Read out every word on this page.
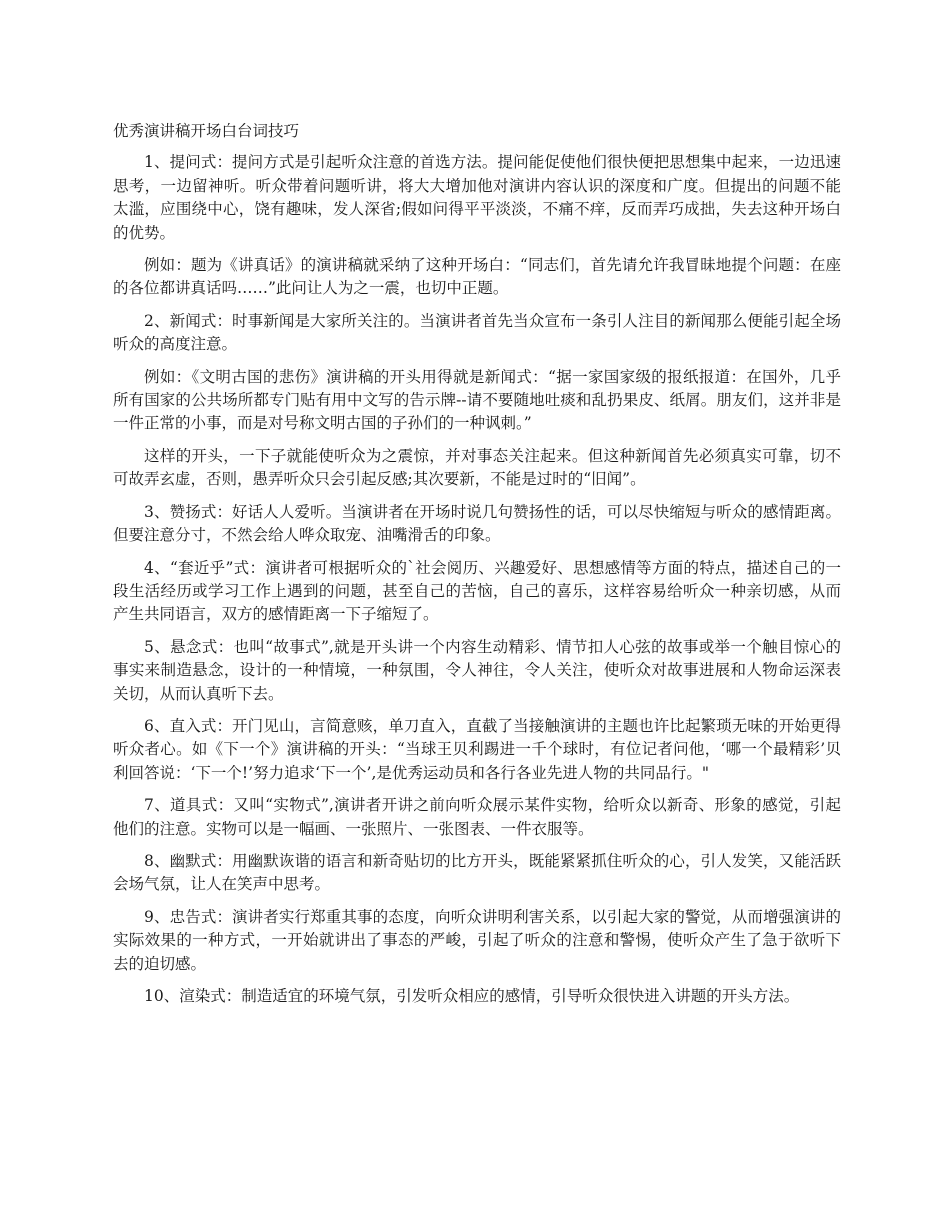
优秀演讲稿开场白台词技巧

1、提问式：提问方式是引起听众注意的首选方法。提问能促使他们很快便把思想集中起来，一边迅速思考，一边留神听。听众带着问题听讲，将大大增加他对演讲内容认识的深度和广度。但提出的问题不能太滥，应围绕中心，饶有趣味，发人深省;假如问得平平淡淡，不痛不痒，反而弄巧成拙，失去这种开场白的优势。

例如：题为《讲真话》的演讲稿就采纳了这种开场白：“同志们，首先请允许我冒昧地提个问题：在座的各位都讲真话吗……”此问让人为之一震，也切中正题。

2、新闻式：时事新闻是大家所关注的。当演讲者首先当众宣布一条引人注目的新闻那么便能引起全场听众的高度注意。

例如：《文明古国的悲伤》演讲稿的开头用得就是新闻式：“据一家国家级的报纸报道：在国外，几乎所有国家的公共场所都专门贴有用中文写的告示牌--请不要随地吐痰和乱扔果皮、纸屑。朋友们，这并非是一件正常的小事，而是对号称文明古国的子孙们的一种讽刺。”

这样的开头，一下子就能使听众为之震惊，并对事态关注起来。但这种新闻首先必须真实可靠，切不可故弄玄虚，否则，愚弄听众只会引起反感;其次要新，不能是过时的“旧闻”。

3、赞扬式：好话人人爱听。当演讲者在开场时说几句赞扬性的话，可以尽快缩短与听众的感情距离。但要注意分寸，不然会给人哗众取宠、油嘴滑舌的印象。

4、“套近乎”式：演讲者可根据听众的`社会阅历、兴趣爱好、思想感情等方面的特点，描述自己的一段生活经历或学习工作上遇到的问题，甚至自己的苦恼，自己的喜乐，这样容易给听众一种亲切感，从而产生共同语言，双方的感情距离一下子缩短了。

5、悬念式：也叫“故事式”,就是开头讲一个内容生动精彩、情节扣人心弦的故事或举一个触目惊心的事实来制造悬念，设计的一种情境，一种氛围，令人神往，令人关注，使听众对故事进展和人物命运深表关切，从而认真听下去。

6、直入式：开门见山，言简意赅，单刀直入，直截了当接触演讲的主题也许比起繁琐无味的开始更得听众者心。如《下一个》演讲稿的开头：“当球王贝利踢进一千个球时，有位记者问他，‘哪一个最精彩’贝利回答说：‘下一个!’努力追求‘下一个’,是优秀运动员和各行各业先进人物的共同品行。"

7、道具式：又叫“实物式”,演讲者开讲之前向听众展示某件实物，给听众以新奇、形象的感觉，引起他们的注意。实物可以是一幅画、一张照片、一张图表、一件衣服等。

8、幽默式：用幽默诙谐的语言和新奇贴切的比方开头，既能紧紧抓住听众的心，引人发笑，又能活跃会场气氛，让人在笑声中思考。

9、忠告式：演讲者实行郑重其事的态度，向听众讲明利害关系，以引起大家的警觉，从而增强演讲的实际效果的一种方式，一开始就讲出了事态的严峻，引起了听众的注意和警惕，使听众产生了急于欲听下去的迫切感。

10、渲染式：制造适宜的环境气氛，引发听众相应的感情，引导听众很快进入讲题的开头方法。
